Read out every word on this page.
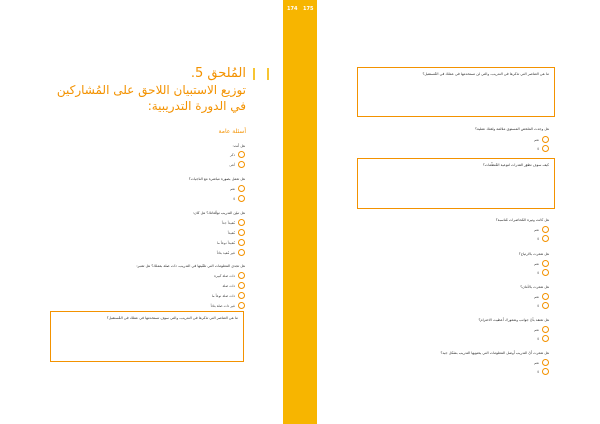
المُلحق 5.
توزيع الاستبيان اللاحق على المُشاركين
في الدورة التدريبية:
أسئلة عامة
هل أنت:
ذكر
أنثى
هل تعمل بصورة مباشرة مع الناجيات؟
نعم
لا
هل تبيّن التدريب توقّعاتك؟ هل كان:
مُفيداً جداً
مُفيداً
مُفيداً نوعاً ما
غير مُفيد بتاتاً
هل تجدي المعلومات التي تلقّيتها في التدريب، ذات صلة بعملك؟ هل تعتبر:
ذات صلة كبيرة
ذات صلة
ذات صلة نوعاً ما
غير ذات صلة بتاتاً
ما هي العناصر التي تذكرها في التدريب، والتي سوف تستخدمها في عملك في المُستقبل؟
174 175
ما هي العناصر التي تذكرها في التدريب، والتي لن تستخدمها في عملك في المُستقبل؟
هل وجدت الملخص المستوى ملائمة ولغتك عملية؟
نعم
لا
كيف سوف تطوّر القدرات لتوعية المُنظّمات؟
هل كانت وتيرة المُحاضرات مُناسبة؟
نعم
لا
هل شعرت بالارتياح؟
نعم
لا
هل شعرت بالأمان؟
نعم
لا
هل تعتقد بأنّ جوانب وشعورك أعطيت الاحترام؟
نعم
لا
هل شعرت أنّ التدريب أوصل المعلومات التي يحتويها التدريب بشكل جيد؟
نعم
لا
